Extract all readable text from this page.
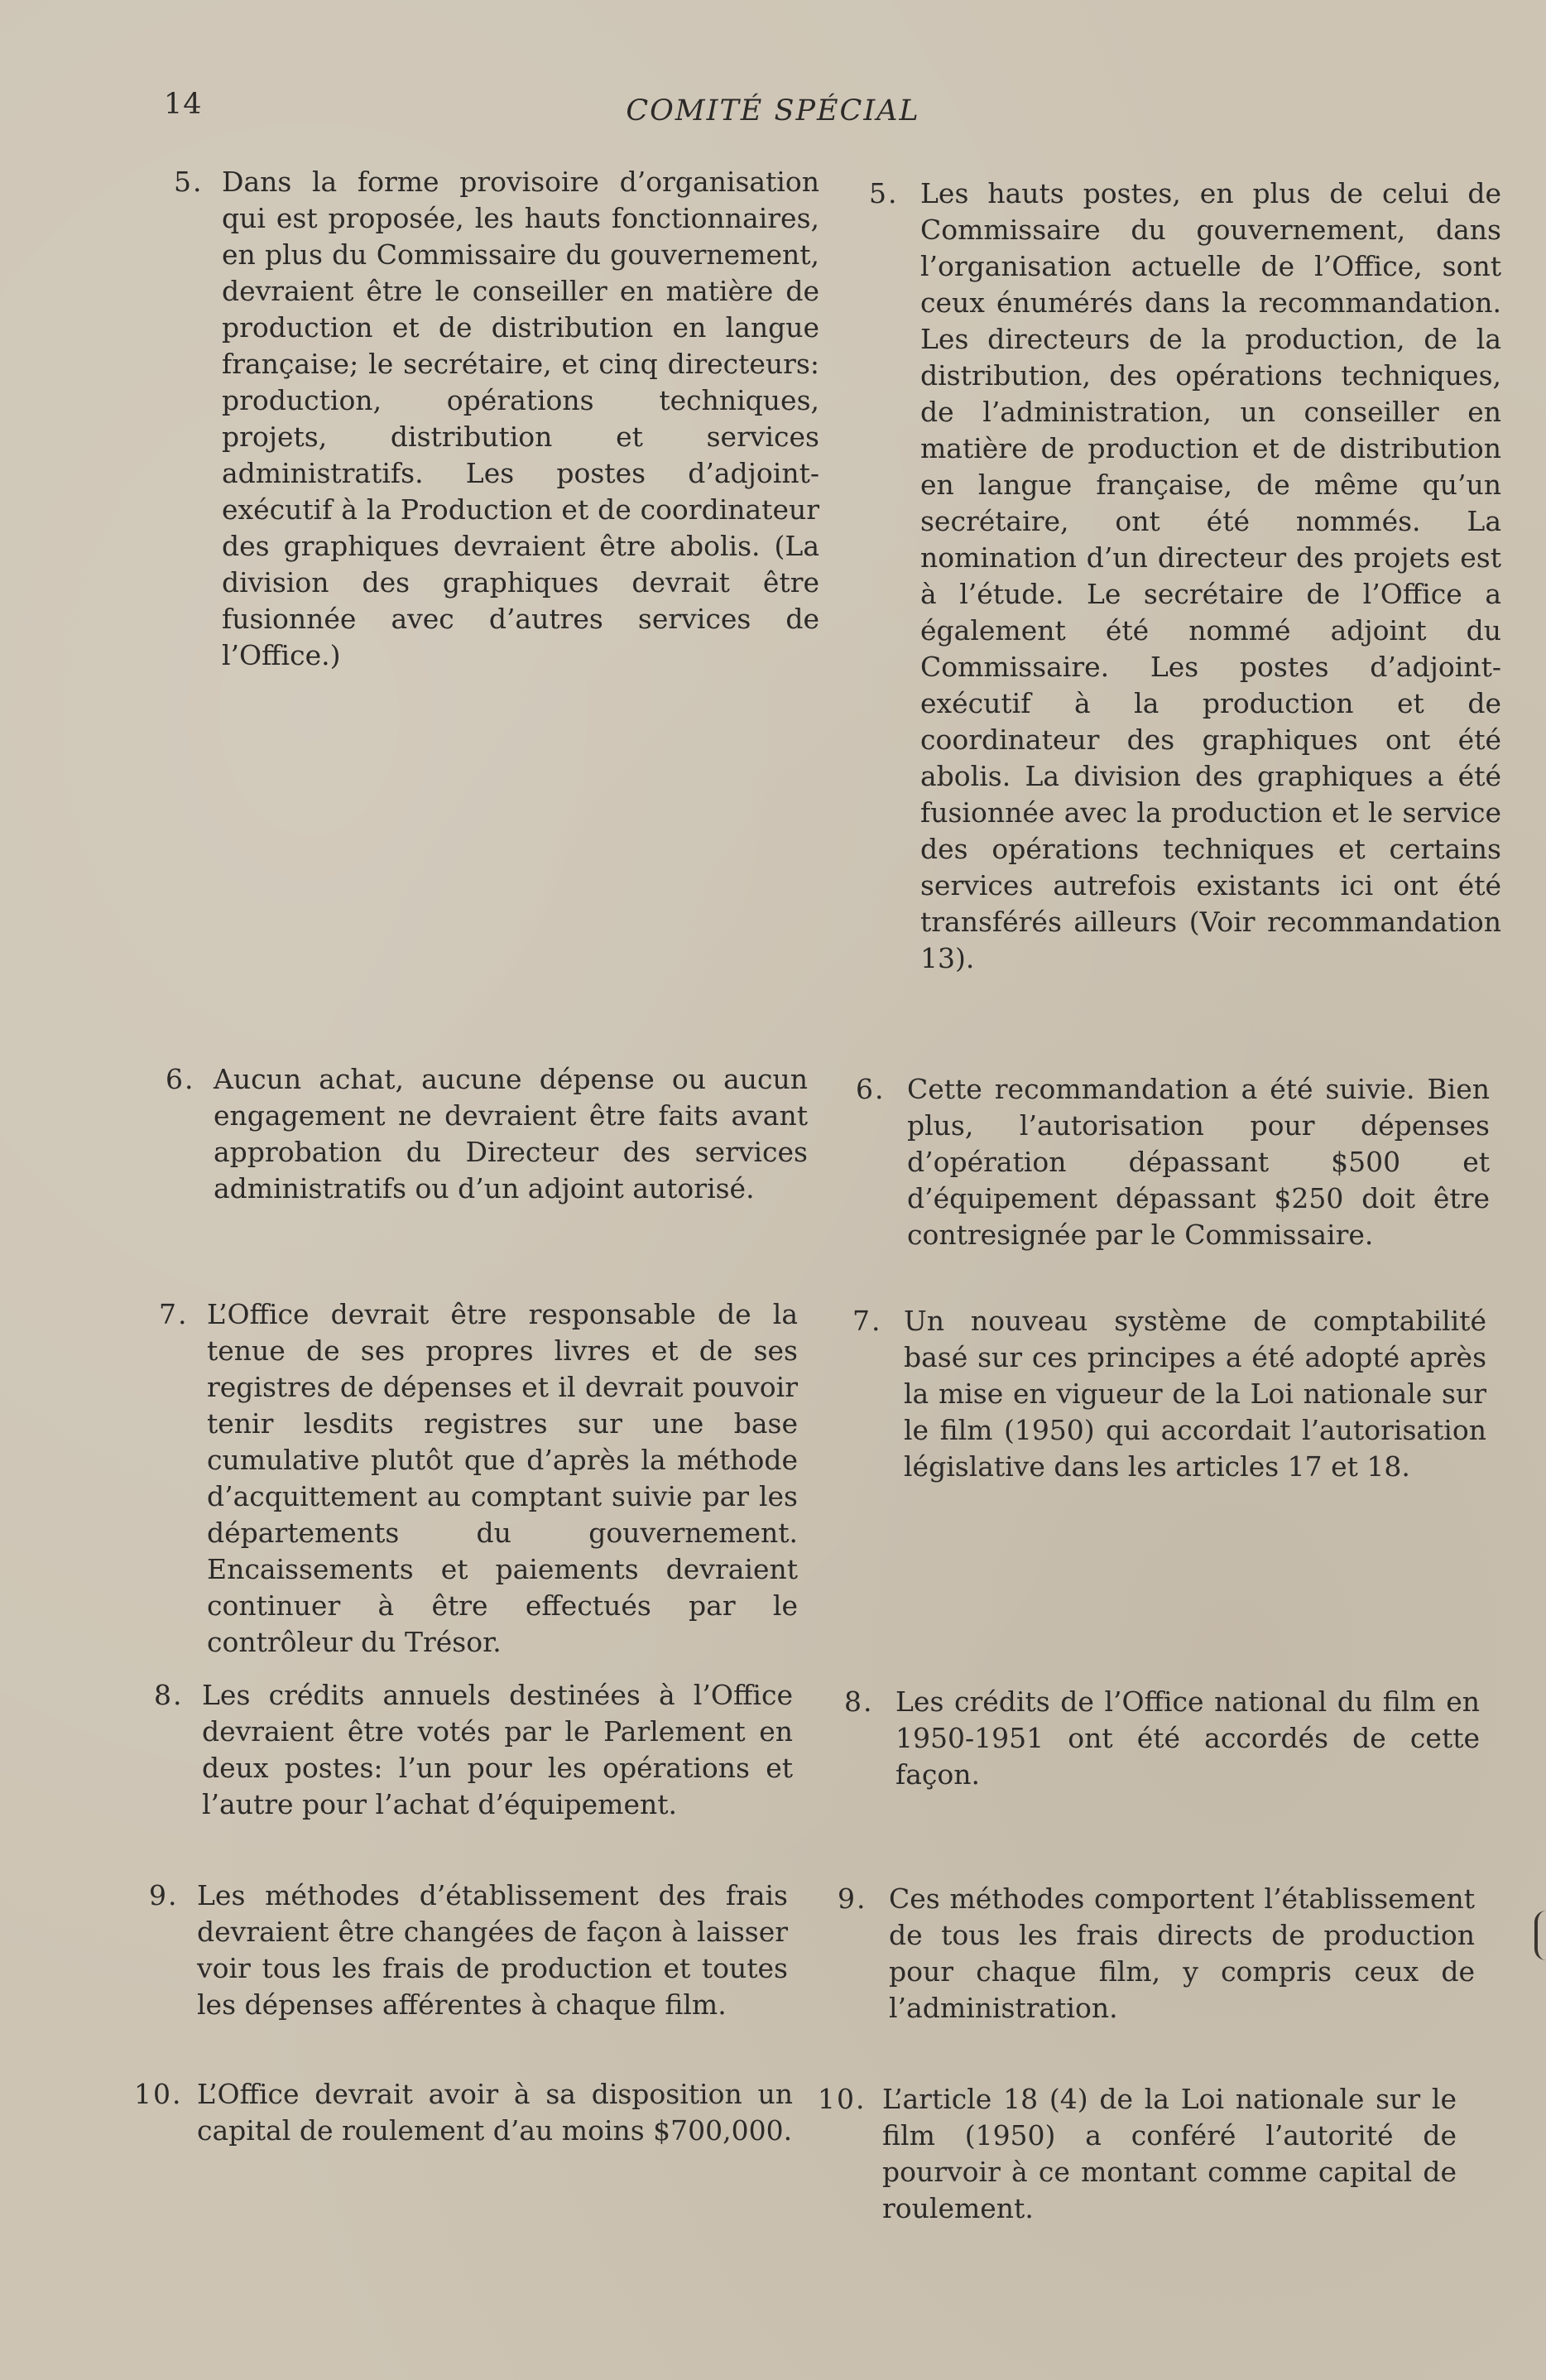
14	COMITÉ SPÉCIAL
5. Dans la forme provisoire d’organisation qui est proposée, les hauts fonctionnaires, en plus du Commissaire du gouvernement, devraient être le conseiller en matière de production et de distribution en langue française; le secrétaire, et cinq directeurs: production, opérations techniques, projets, distribution et services administratifs. Les postes d’adjoint-exécutif à la Production et de coordinateur des graphiques devraient être abolis. (La division des graphiques devrait être fusionnée avec d’autres services de l’Office.)
6. Aucun achat, aucune dépense ou aucun engagement ne devraient être faits avant approbation du Directeur des services administratifs ou d’un adjoint autorisé.
7. L’Office devrait être responsable de la tenue de ses propres livres et de ses registres de dépenses et il devrait pouvoir tenir lesdits registres sur une base cumulative plutôt que d’après la méthode d’acquittement au comptant suivie par les départements du gouvernement. Encaissements et paiements devraient continuer à être effectués par le contrôleur du Trésor.
8. Les crédits annuels destinées à l’Office devraient être votés par le Parlement en deux postes: l’un pour les opérations et l’autre pour l’achat d’équipement.
9. Les méthodes d’établissement des frais devraient être changées de façon à laisser voir tous les frais de production et toutes les dépenses afférentes à chaque film.
10. L’Office devrait avoir à sa disposition un capital de roulement d’au moins $700,000.
5. Les hauts postes, en plus de celui de Commissaire du gouvernement, dans l’organisation actuelle de l’Office, sont ceux énumérés dans la recommandation. Les directeurs de la production, de la distribution, des opérations techniques, de l’administration, un conseiller en matière de production et de distribution en langue française, de même qu’un secrétaire, ont été nommés. La nomination d’un directeur des projets est à l’étude. Le secrétaire de l’Office a également été nommé adjoint du Commissaire. Les postes d’adjoint-exécutif à la production et de coordinateur des graphiques ont été abolis. La division des graphiques a été fusionnée avec la production et le service des opérations techniques et certains services autrefois existants ici ont été transférés ailleurs (Voir recommandation 13).
6. Cette recommandation a été suivie. Bien plus, l’autorisation pour dépenses d’opération dépassant $500 et d’équipement dépassant $250 doit être contresignée par le Commissaire.
7. Un nouveau système de comptabilité basé sur ces principes a été adopté après la mise en vigueur de la Loi nationale sur le film (1950) qui accordait l’autorisation législative dans les articles 17 et 18.
8. Les crédits de l’Office national du film en 1950-1951 ont été accordés de cette façon.
9. Ces méthodes comportent l’établissement de tous les frais directs de production pour chaque film, y compris ceux de l’administration.
10. L’article 18 (4) de la Loi nationale sur le film (1950) a conféré l’autorité de pourvoir à ce montant comme capital de roulement.
